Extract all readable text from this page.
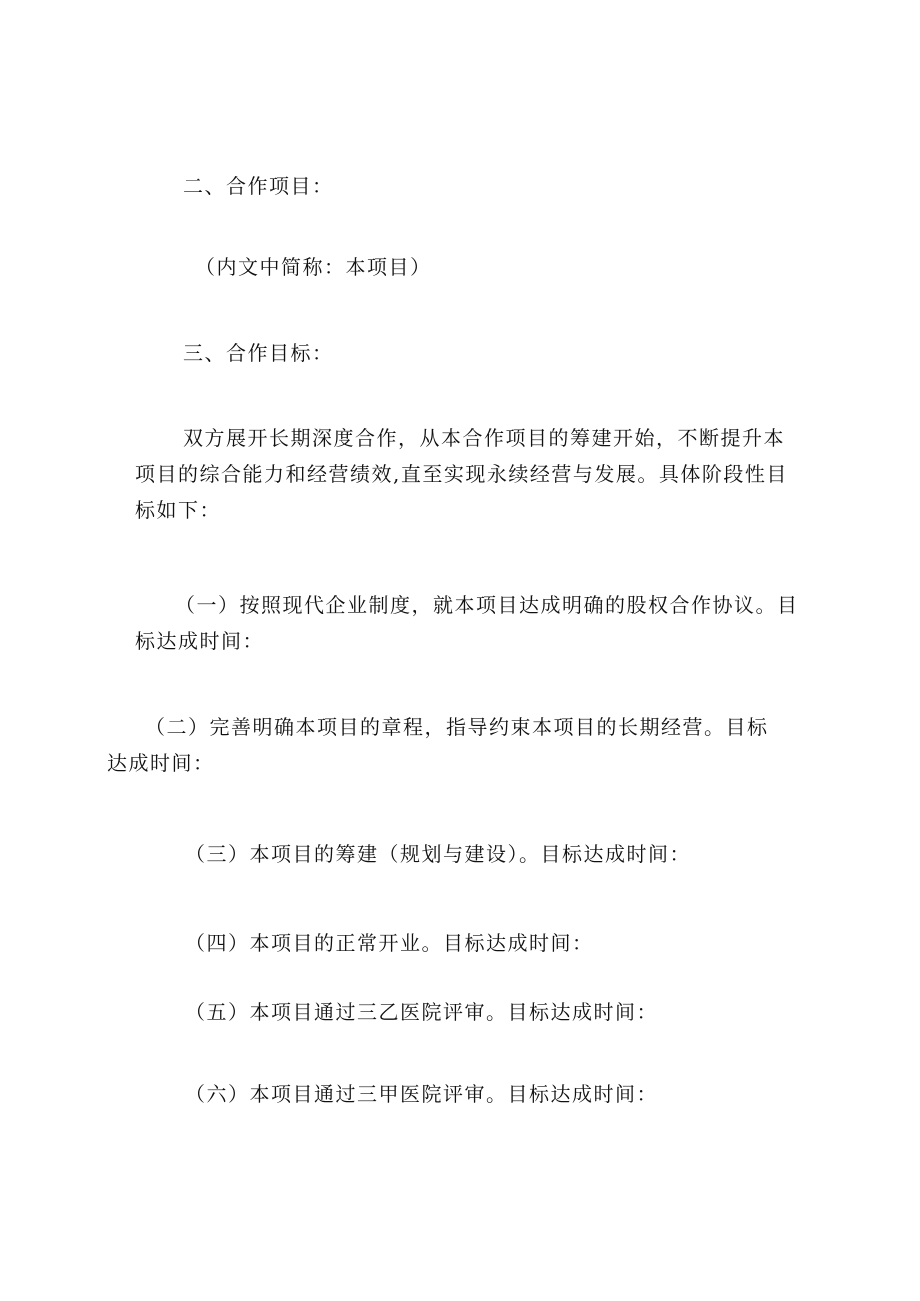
二、合作项目：
（内文中简称：本项目）
三、合作目标：
双方展开长期深度合作，从本合作项目的筹建开始，不断提升本
项目的综合能力和经营绩效,直至实现永续经营与发展。具体阶段性目
标如下：
（一）按照现代企业制度，就本项目达成明确的股权合作协议。目
标达成时间：
（二）完善明确本项目的章程，指导约束本项目的长期经营。目标
达成时间：
（三）本项目的筹建（规划与建设）。目标达成时间：
（四）本项目的正常开业。目标达成时间：
（五）本项目通过三乙医院评审。目标达成时间：
（六）本项目通过三甲医院评审。目标达成时间：
